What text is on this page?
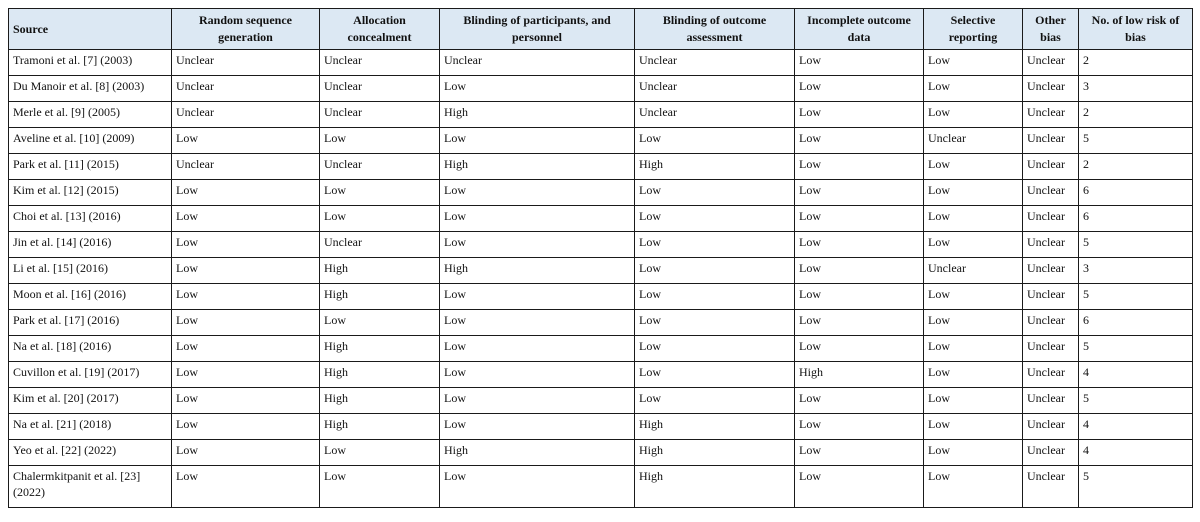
Source	Random sequence generation	Allocation concealment	Blinding of participants, and personnel	Blinding of outcome assessment	Incomplete outcome data	Selective reporting	Other bias	No. of low risk of bias
Tramoni et al. [7] (2003)	Unclear	Unclear	Unclear	Unclear	Low	Low	Unclear	2
Du Manoir et al. [8] (2003)	Unclear	Unclear	Low	Unclear	Low	Low	Unclear	3
Merle et al. [9] (2005)	Unclear	Unclear	High	Unclear	Low	Low	Unclear	2
Aveline et al. [10] (2009)	Low	Low	Low	Low	Low	Unclear	Unclear	5
Park et al. [11] (2015)	Unclear	Unclear	High	High	Low	Low	Unclear	2
Kim et al. [12] (2015)	Low	Low	Low	Low	Low	Low	Unclear	6
Choi et al. [13] (2016)	Low	Low	Low	Low	Low	Low	Unclear	6
Jin et al. [14] (2016)	Low	Unclear	Low	Low	Low	Low	Unclear	5
Li et al. [15] (2016)	Low	High	High	Low	Low	Unclear	Unclear	3
Moon et al. [16] (2016)	Low	High	Low	Low	Low	Low	Unclear	5
Park et al. [17] (2016)	Low	Low	Low	Low	Low	Low	Unclear	6
Na et al. [18] (2016)	Low	High	Low	Low	Low	Low	Unclear	5
Cuvillon et al. [19] (2017)	Low	High	Low	Low	High	Low	Unclear	4
Kim et al. [20] (2017)	Low	High	Low	Low	Low	Low	Unclear	5
Na et al. [21] (2018)	Low	High	Low	High	Low	Low	Unclear	4
Yeo et al. [22] (2022)	Low	Low	High	High	Low	Low	Unclear	4
Chalermkitpanit et al. [23] (2022)	Low	Low	Low	High	Low	Low	Unclear	5
